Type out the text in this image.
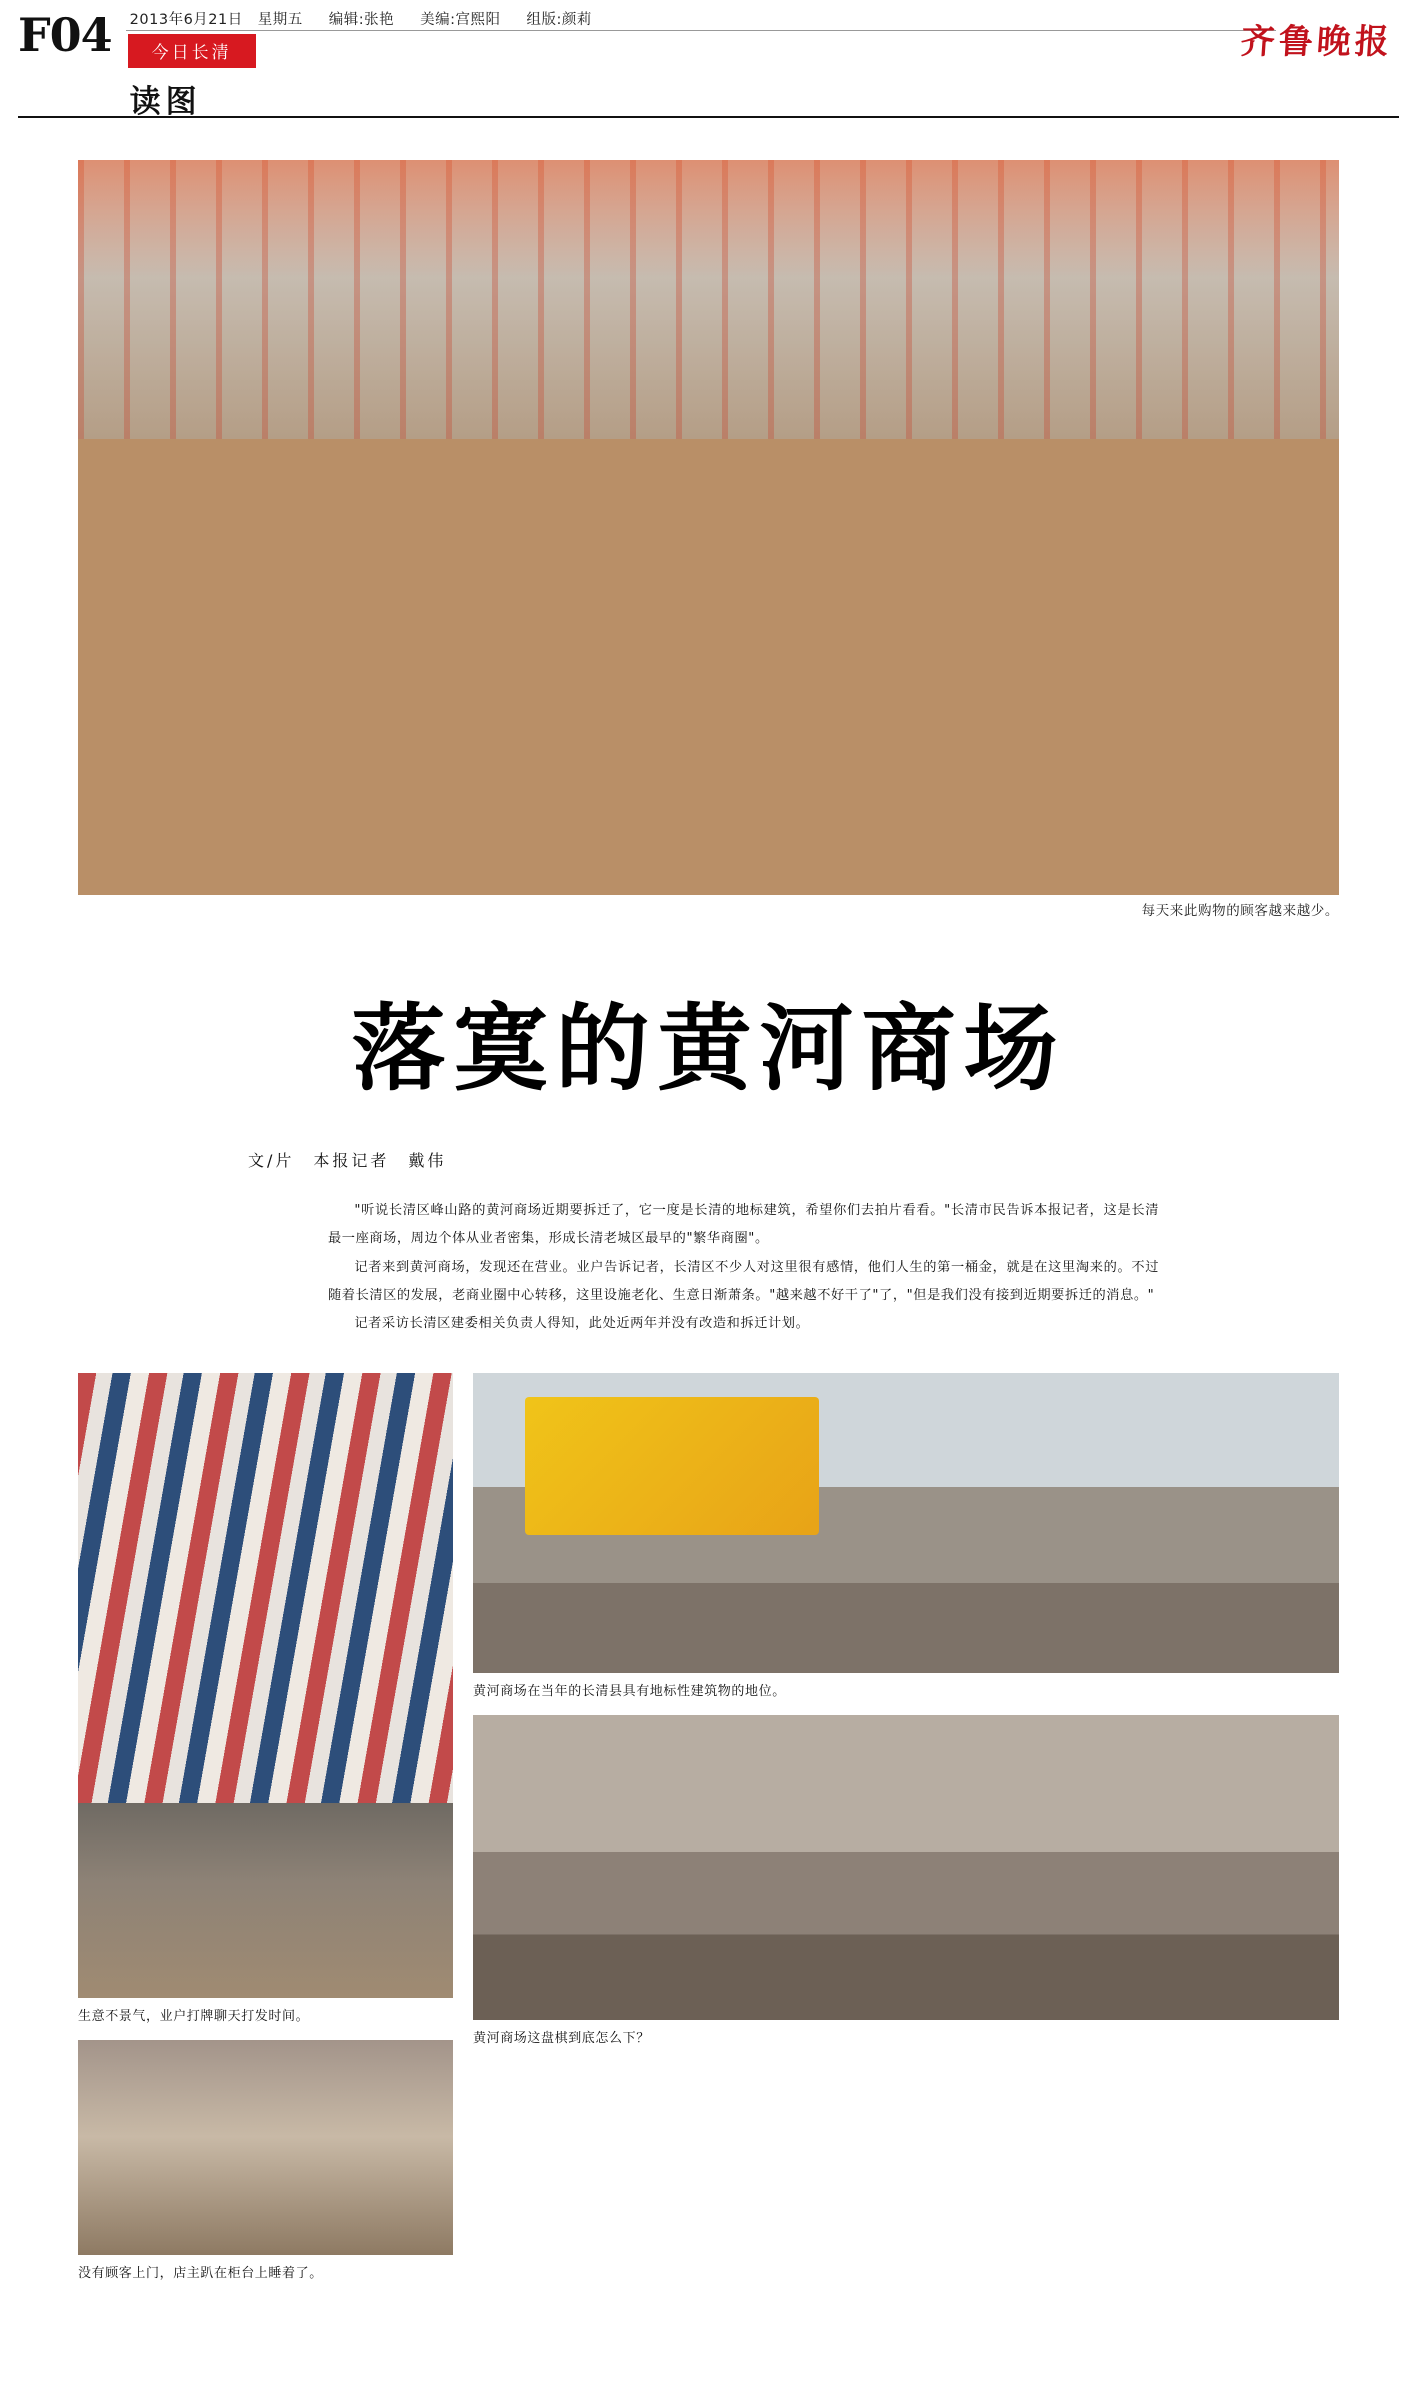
F04 2013年6月21日　星期五 编辑:张艳 美编:宫熙阳 组版:颜莉
今日长清
读图
齐鲁晚报
每天来此购物的顾客越来越少。
落寞的黄河商场
文/片　本报记者　戴伟

"听说长清区峰山路的黄河商场近期要拆迁了，它一度是长清的地标建筑，希望你们去拍片看看。"长清市民告诉本报记者，这是长清最一座商场，周边个体从业者密集，形成长清老城区最早的"繁华商圈"。

记者来到黄河商场，发现还在营业。业户告诉记者，长清区不少人对这里很有感情，他们人生的第一桶金，就是在这里淘来的。不过随着长清区的发展，老商业圈中心转移，这里设施老化、生意日渐萧条。"越来越不好干了"了，"但是我们没有接到近期要拆迁的消息。"

记者采访长清区建委相关负责人得知，此处近两年并没有改造和拆迁计划。

生意不景气，业户打牌聊天打发时间。
没有顾客上门，店主趴在柜台上睡着了。
黄河商场在当年的长清县具有地标性建筑物的地位。
黄河商场这盘棋到底怎么下？
